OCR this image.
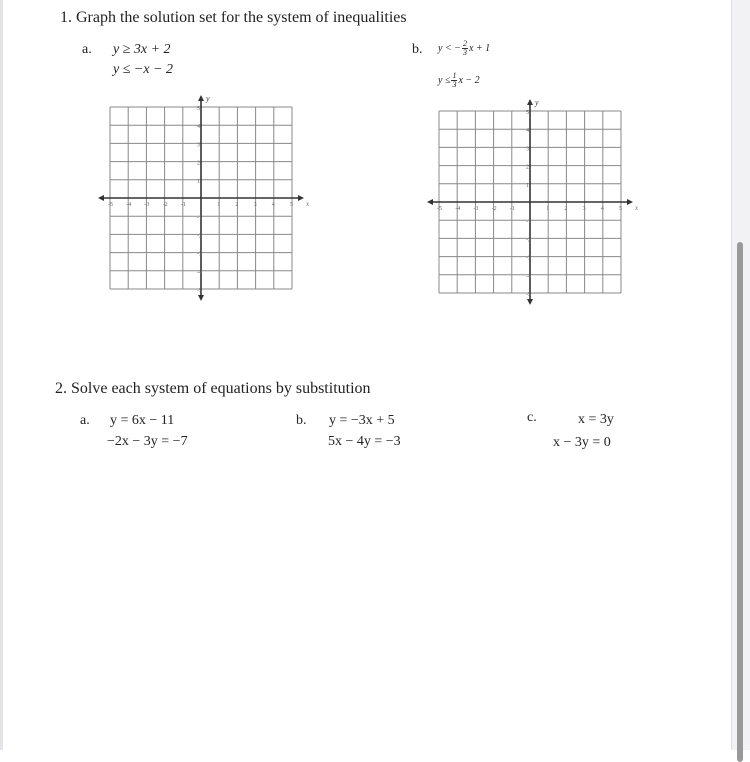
1. Graph the solution set for the system of inequalities
a. y ≥ 3x + 2
y ≤ −x − 2
b. y < − $\frac{2}{3}$ x + 1
$y \le \frac{1}{3}$ x − 2
y
x
-5 -4 -3 -2 -1	1	2	3	4	5
5
4
3
2
1
-1
-2
-3
-4
-5
y
x
-5 -4 -3 -2 -1	1	2	3	4	5
5
4
3
2
1
-1
-2
-3
-4
-5
2. Solve each system of equations by substitution
a. y = 6x − 11
−2x − 3y = −7
b. y = −3x + 5
5x − 4y = −3
c.	x = 3y
x − 3y = 0
